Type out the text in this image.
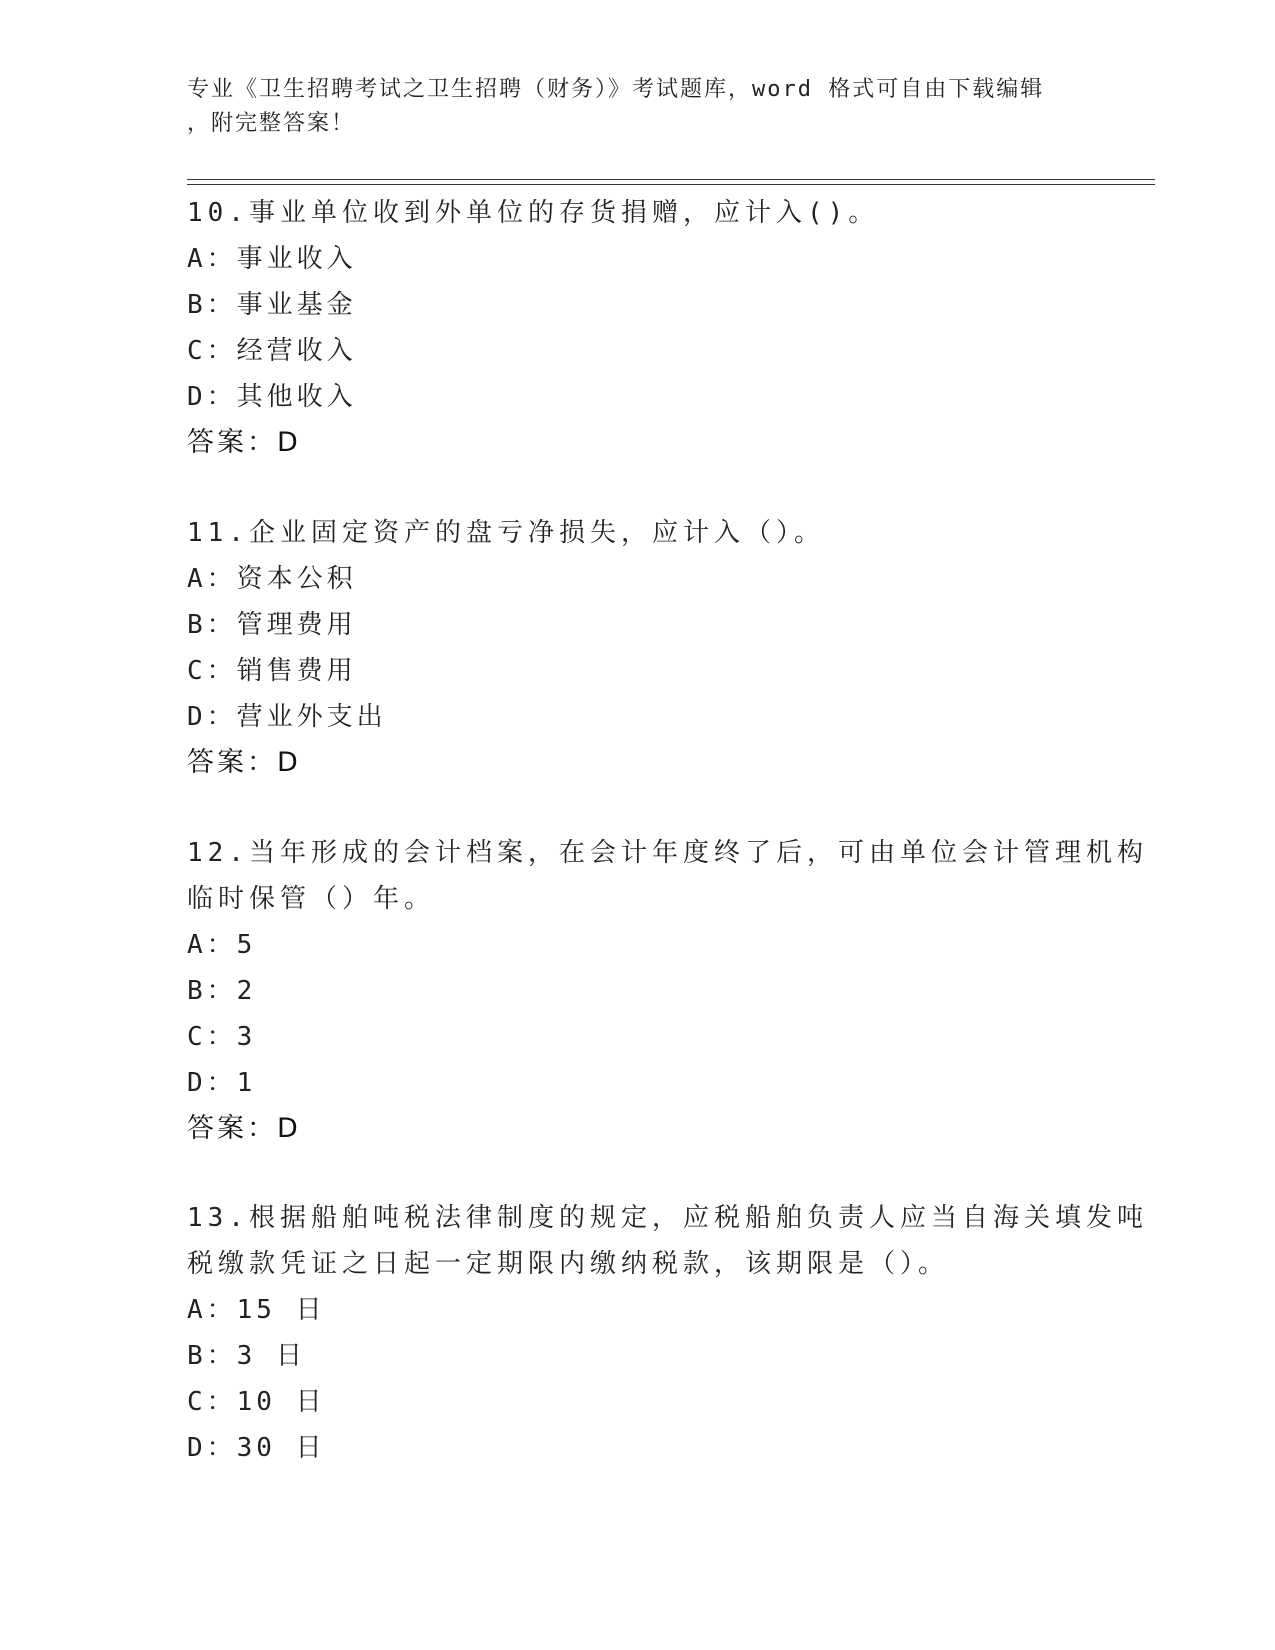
专业《卫生招聘考试之卫生招聘（财务）》考试题库，word 格式可自由下载编辑
，附完整答案！
10.事业单位收到外单位的存货捐赠，应计入()。
A：事业收入
B：事业基金
C：经营收入
D：其他收入
答案：D
11.企业固定资产的盘亏净损失，应计入（）。
A：资本公积
B：管理费用
C：销售费用
D：营业外支出
答案：D
12.当年形成的会计档案，在会计年度终了后，可由单位会计管理机构
临时保管（）年。
A：5
B：2
C：3
D：1
答案：D
13.根据船舶吨税法律制度的规定，应税船舶负责人应当自海关填发吨
税缴款凭证之日起一定期限内缴纳税款，该期限是（）。
A：15 日
B：3 日
C：10 日
D：30 日
